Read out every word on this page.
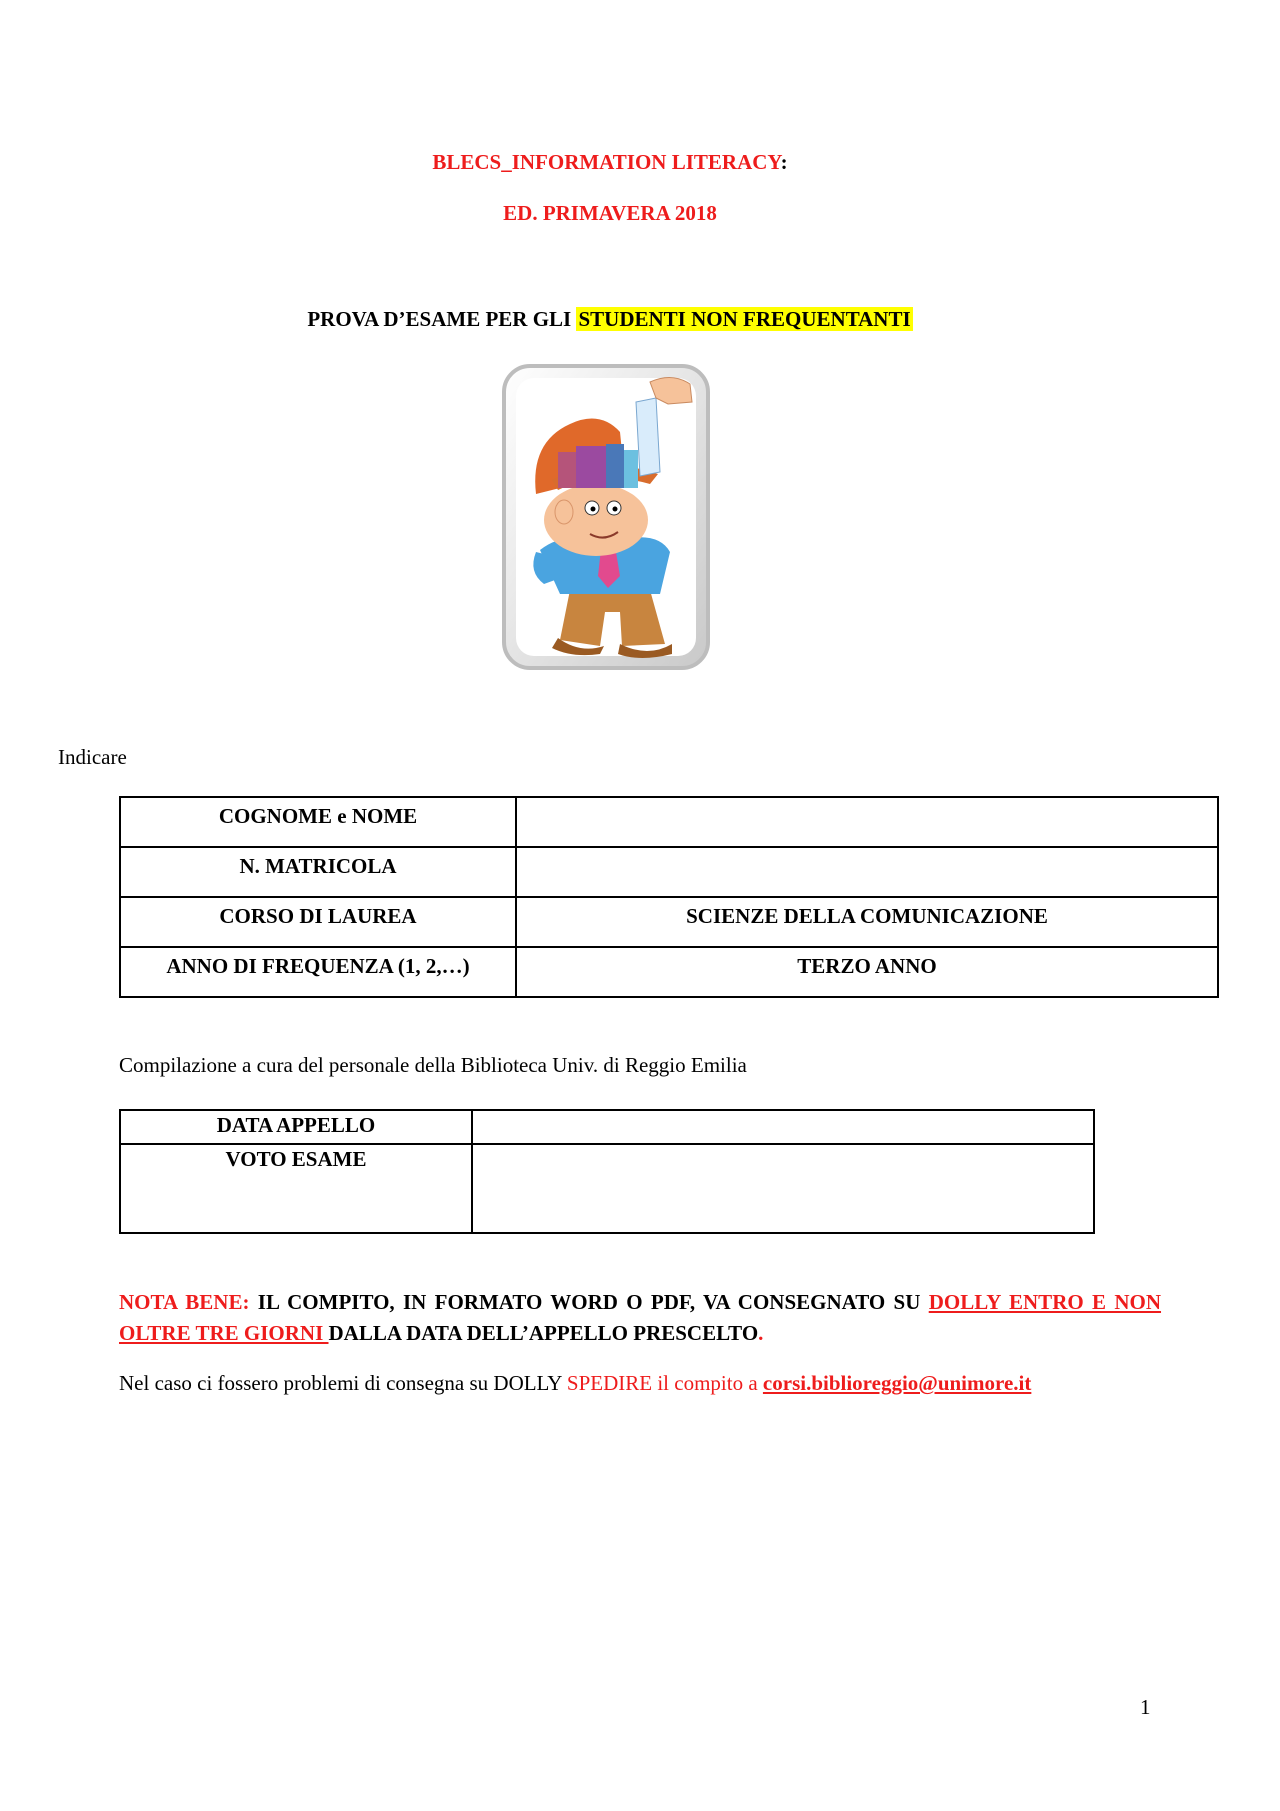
BLECS_INFORMATION LITERACY:
ED. PRIMAVERA 2018
PROVA D’ESAME PER GLI STUDENTI NON FREQUENTANTI
Indicare
COGNOME e NOME	
N. MATRICOLA	
CORSO DI LAUREA	SCIENZE DELLA COMUNICAZIONE
ANNO DI FREQUENZA (1, 2,…)	TERZO ANNO
Compilazione a cura del personale della Biblioteca Univ. di Reggio Emilia
DATA APPELLO	
VOTO ESAME	
NOTA BENE: IL COMPITO, IN FORMATO WORD O PDF, VA CONSEGNATO SU DOLLY ENTRO E NON OLTRE TRE GIORNI DALLA DATA DELL’APPELLO PRESCELTO.
Nel caso ci fossero problemi di consegna su DOLLY SPEDIRE il compito a corsi.biblioreggio@unimore.it
1
